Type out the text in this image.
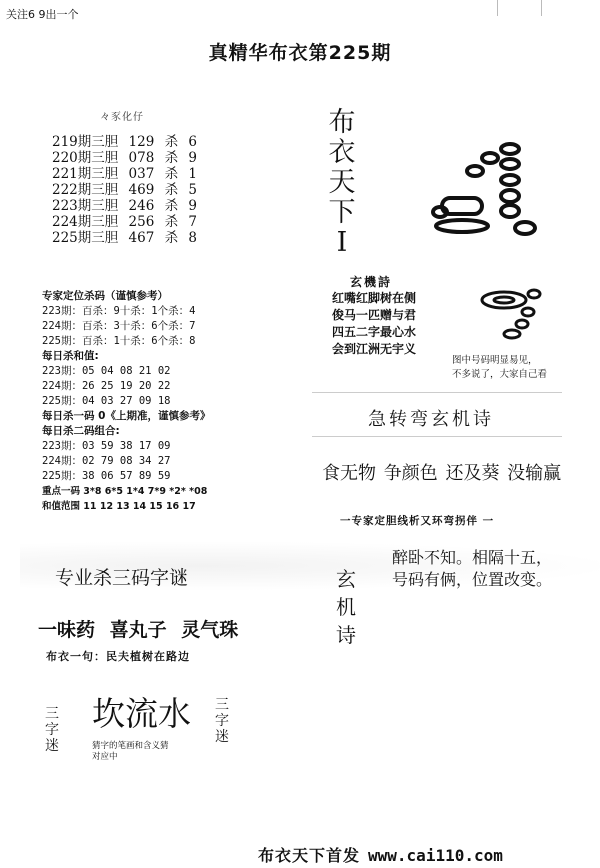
关注6 9出一个
真精华布衣第225期
々豕化仔
219期三胆 129 杀 6
220期三胆 078 杀 9
221期三胆 037 杀 1
222期三胆 469 杀 5
223期三胆 246 杀 9
224期三胆 256 杀 7
225期三胆 467 杀 8
专家定位杀码（谨慎参考）
223期：百杀：9十杀：1个杀：4
224期：百杀：3十杀：6个杀：7
225期：百杀：1十杀：6个杀：8
每日杀和值:
223期：05 04 08 21 02
224期：26 25 19 20 22
225期：04 03 27 09 18
每日杀一码 0《上期准，谨慎参考》
每日杀二码组合:
223期：03 59 38 17 09
224期：02 79 08 34 27
225期：38 06 57 89 59
重点一码 3*8 6*5 1*4 7*9 *2* *08
和值范围 11 12 13 14 15 16 17
专业杀三码字谜
一味药 喜丸子 灵气珠
布衣一句：民夫植树在路边
三字迷
坎流水
猜字的笔画和含义猜
对应中
三字迷
布衣天下I
玄機詩
红嘴红脚树在侧
俊马一匹赠与君
四五二字最心水
会到江洲无宇义
图中号码明显易见，
不多说了，大家自己看
急转弯玄机诗
食无物 争颜色 还及葵 没输赢
一专家定胆线析又环弯拐伴 一
玄机诗
醉卧不知。相隔十五，
号码有俩，位置改变。
布衣天下首发 www.cai110.com
